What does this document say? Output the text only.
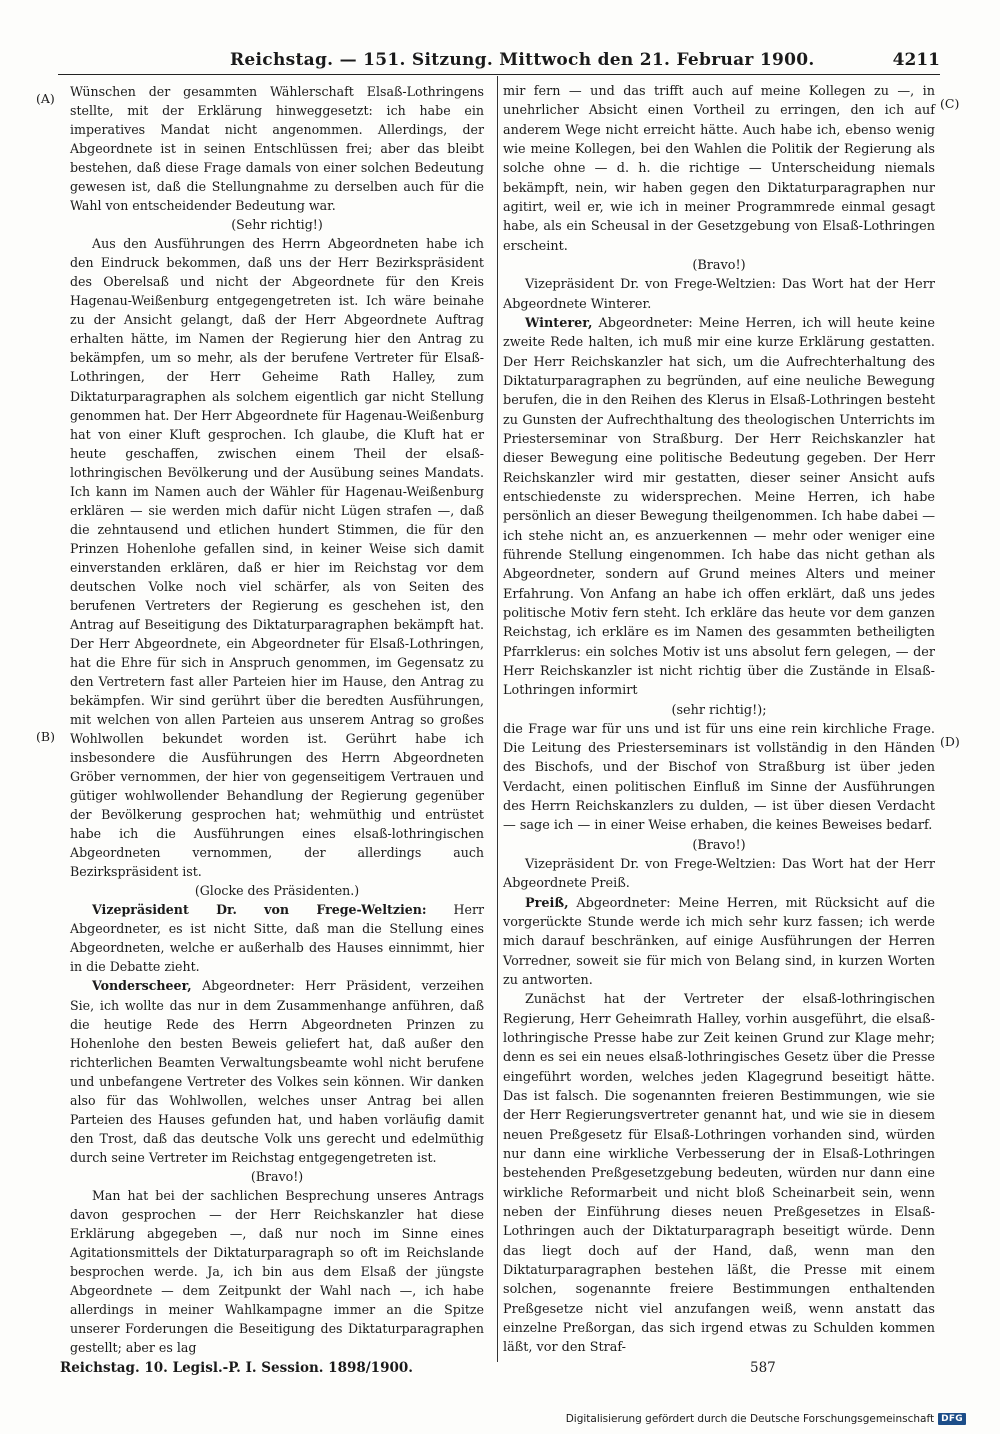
Reichstag. — 151. Sitzung. Mittwoch den 21. Februar 1900.	4211
(A)
(B)
(C)
(D)

Wünschen der gesammten Wählerschaft Elsaß-Lothringens stellte, mit der Erklärung hinweggesetzt: ich habe ein imperatives Mandat nicht angenommen. Allerdings, der Abgeordnete ist in seinen Entschlüssen frei; aber das bleibt bestehen, daß diese Frage damals von einer solchen Bedeutung gewesen ist, daß die Stellungnahme zu derselben auch für die Wahl von entscheidender Bedeutung war.

(Sehr richtig!)

Aus den Ausführungen des Herrn Abgeordneten habe ich den Eindruck bekommen, daß uns der Herr Bezirkspräsident des Oberelsaß und nicht der Abgeordnete für den Kreis Hagenau-Weißenburg entgegengetreten ist. Ich wäre beinahe zu der Ansicht gelangt, daß der Herr Abgeordnete Auftrag erhalten hätte, im Namen der Regierung hier den Antrag zu bekämpfen, um so mehr, als der berufene Vertreter für Elsaß-Lothringen, der Herr Geheime Rath Halley, zum Diktaturparagraphen als solchem eigentlich gar nicht Stellung genommen hat. Der Herr Abgeordnete für Hagenau-Weißenburg hat von einer Kluft gesprochen. Ich glaube, die Kluft hat er heute geschaffen, zwischen einem Theil der elsaß-lothringischen Bevölkerung und der Ausübung seines Mandats. Ich kann im Namen auch der Wähler für Hagenau-Weißenburg erklären — sie werden mich dafür nicht Lügen strafen —, daß die zehntausend und etlichen hundert Stimmen, die für den Prinzen Hohenlohe gefallen sind, in keiner Weise sich damit einverstanden erklären, daß er hier im Reichstag vor dem deutschen Volke noch viel schärfer, als von Seiten des berufenen Vertreters der Regierung es geschehen ist, den Antrag auf Beseitigung des Diktaturparagraphen bekämpft hat. Der Herr Abgeordnete, ein Abgeordneter für Elsaß-Lothringen, hat die Ehre für sich in Anspruch genommen, im Gegensatz zu den Vertretern fast aller Parteien hier im Hause, den Antrag zu bekämpfen. Wir sind gerührt über die beredten Ausführungen, mit welchen von allen Parteien aus unserem Antrag so großes Wohlwollen bekundet worden ist. Gerührt habe ich insbesondere die Ausführungen des Herrn Abgeordneten Gröber vernommen, der hier von gegenseitigem Vertrauen und gütiger wohlwollender Behandlung der Regierung gegenüber der Bevölkerung gesprochen hat; wehmüthig und entrüstet habe ich die Ausführungen eines elsaß-lothringischen Abgeordneten vernommen, der allerdings auch Bezirkspräsident ist.

(Glocke des Präsidenten.)

Vizepräsident Dr. von Frege-Weltzien: Herr Abgeordneter, es ist nicht Sitte, daß man die Stellung eines Abgeordneten, welche er außerhalb des Hauses einnimmt, hier in die Debatte zieht.

Vonderscheer, Abgeordneter: Herr Präsident, verzeihen Sie, ich wollte das nur in dem Zusammenhange anführen, daß die heutige Rede des Herrn Abgeordneten Prinzen zu Hohenlohe den besten Beweis geliefert hat, daß außer den richterlichen Beamten Verwaltungsbeamte wohl nicht berufene und unbefangene Vertreter des Volkes sein können. Wir danken also für das Wohlwollen, welches unser Antrag bei allen Parteien des Hauses gefunden hat, und haben vorläufig damit den Trost, daß das deutsche Volk uns gerecht und edelmüthig durch seine Vertreter im Reichstag entgegengetreten ist.

(Bravo!)

Man hat bei der sachlichen Besprechung unseres Antrags davon gesprochen — der Herr Reichskanzler hat diese Erklärung abgegeben —, daß nur noch im Sinne eines Agitationsmittels der Diktaturparagraph so oft im Reichslande besprochen werde. Ja, ich bin aus dem Elsaß der jüngste Abgeordnete — dem Zeitpunkt der Wahl nach —, ich habe allerdings in meiner Wahlkampagne immer an die Spitze unserer Forderungen die Beseitigung des Diktaturparagraphen gestellt; aber es lag

mir fern — und das trifft auch auf meine Kollegen zu —, in unehrlicher Absicht einen Vortheil zu erringen, den ich auf anderem Wege nicht erreicht hätte. Auch habe ich, ebenso wenig wie meine Kollegen, bei den Wahlen die Politik der Regierung als solche ohne — d. h. die richtige — Unterscheidung niemals bekämpft, nein, wir haben gegen den Diktaturparagraphen nur agitirt, weil er, wie ich in meiner Programmrede einmal gesagt habe, als ein Scheusal in der Gesetzgebung von Elsaß-Lothringen erscheint.

(Bravo!)

Vizepräsident Dr. von Frege-Weltzien: Das Wort hat der Herr Abgeordnete Winterer.

Winterer, Abgeordneter: Meine Herren, ich will heute keine zweite Rede halten, ich muß mir eine kurze Erklärung gestatten. Der Herr Reichskanzler hat sich, um die Aufrechterhaltung des Diktaturparagraphen zu begründen, auf eine neuliche Bewegung berufen, die in den Reihen des Klerus in Elsaß-Lothringen besteht zu Gunsten der Aufrechthaltung des theologischen Unterrichts im Priesterseminar von Straßburg. Der Herr Reichskanzler hat dieser Bewegung eine politische Bedeutung gegeben. Der Herr Reichskanzler wird mir gestatten, dieser seiner Ansicht aufs entschiedenste zu widersprechen. Meine Herren, ich habe persönlich an dieser Bewegung theilgenommen. Ich habe dabei — ich stehe nicht an, es anzuerkennen — mehr oder weniger eine führende Stellung eingenommen. Ich habe das nicht gethan als Abgeordneter, sondern auf Grund meines Alters und meiner Erfahrung. Von Anfang an habe ich offen erklärt, daß uns jedes politische Motiv fern steht. Ich erkläre das heute vor dem ganzen Reichstag, ich erkläre es im Namen des gesammten betheiligten Pfarrklerus: ein solches Motiv ist uns absolut fern gelegen, — der Herr Reichskanzler ist nicht richtig über die Zustände in Elsaß-Lothringen informirt

(sehr richtig!);

die Frage war für uns und ist für uns eine rein kirchliche Frage. Die Leitung des Priesterseminars ist vollständig in den Händen des Bischofs, und der Bischof von Straßburg ist über jeden Verdacht, einen politischen Einfluß im Sinne der Ausführungen des Herrn Reichskanzlers zu dulden, — ist über diesen Verdacht — sage ich — in einer Weise erhaben, die keines Beweises bedarf.

(Bravo!)

Vizepräsident Dr. von Frege-Weltzien: Das Wort hat der Herr Abgeordnete Preiß.

Preiß, Abgeordneter: Meine Herren, mit Rücksicht auf die vorgerückte Stunde werde ich mich sehr kurz fassen; ich werde mich darauf beschränken, auf einige Ausführungen der Herren Vorredner, soweit sie für mich von Belang sind, in kurzen Worten zu antworten.

Zunächst hat der Vertreter der elsaß-lothringischen Regierung, Herr Geheimrath Halley, vorhin ausgeführt, die elsaß-lothringische Presse habe zur Zeit keinen Grund zur Klage mehr; denn es sei ein neues elsaß-lothringisches Gesetz über die Presse eingeführt worden, welches jeden Klagegrund beseitigt hätte. Das ist falsch. Die sogenannten freieren Bestimmungen, wie sie der Herr Regierungsvertreter genannt hat, und wie sie in diesem neuen Preßgesetz für Elsaß-Lothringen vorhanden sind, würden nur dann eine wirkliche Verbesserung der in Elsaß-Lothringen bestehenden Preßgesetzgebung bedeuten, würden nur dann eine wirkliche Reformarbeit und nicht bloß Scheinarbeit sein, wenn neben der Einführung dieses neuen Preßgesetzes in Elsaß-Lothringen auch der Diktaturparagraph beseitigt würde. Denn das liegt doch auf der Hand, daß, wenn man den Diktaturparagraphen bestehen läßt, die Presse mit einem solchen, sogenannte freiere Bestimmungen enthaltenden Preßgesetze nicht viel anzufangen weiß, wenn anstatt das einzelne Preßorgan, das sich irgend etwas zu Schulden kommen läßt, vor den Straf-

Reichstag. 10. Legisl.-P. I. Session. 1898/1900.	587
Digitalisierung gefördert durch die Deutsche Forschungsgemeinschaft DFG
